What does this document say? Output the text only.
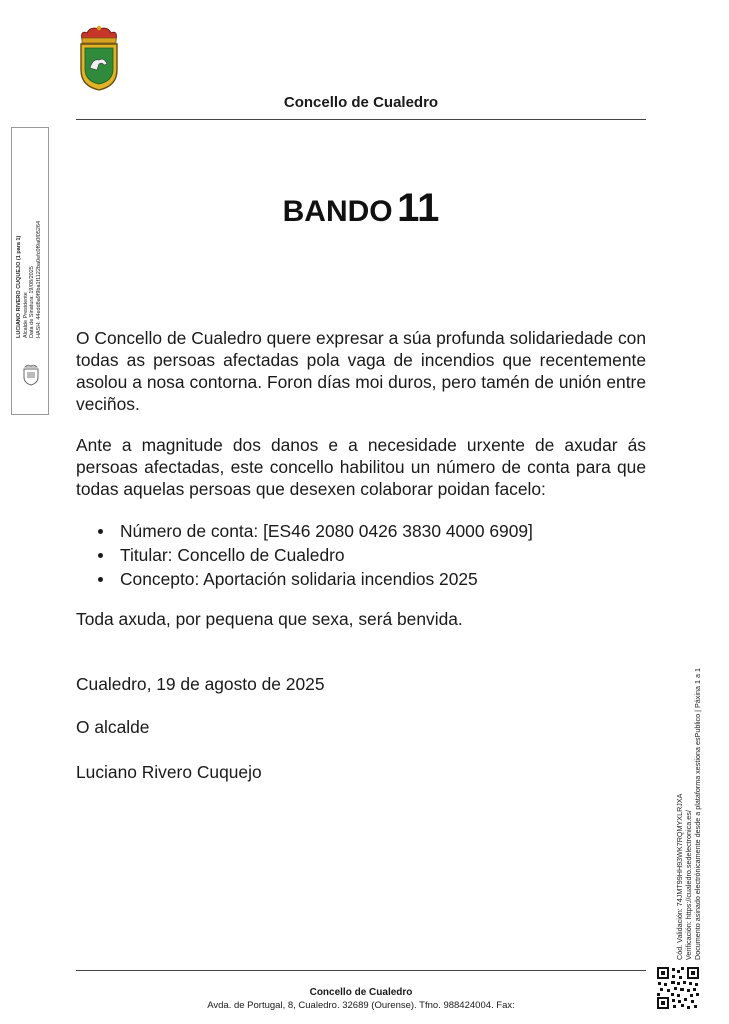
Concello de Cualedro
LUCIANO RIVERO CUQUEJO (1 para 1) Alcalde Presidente Data de Sinatura: 19/08/2025 HASH: 44edd8a9f9ba1f1122ba0efc0f9a0f05264
BANDO 11
O Concello de Cualedro quere expresar a súa profunda solidariedade con todas as persoas afectadas pola vaga de incendios que recentemente asolou a nosa contorna. Foron días moi duros, pero tamén de unión entre veciños.
Ante a magnitude dos danos e a necesidade urxente de axudar ás persoas afectadas, este concello habilitou un número de conta para que todas aquelas persoas que desexen colaborar poidan facelo:
Número de conta: [ES46 2080 0426 3830 4000 6909]
Titular: Concello de Cualedro
Concepto: Aportación solidaria incendios 2025
Toda axuda, por pequena que sexa, será benvida.
Cualedro, 19 de agosto de 2025
O alcalde
Luciano Rivero Cuquejo
Cód. Validación: 74JMT99HH93WK7RQMYXLRJXA Verificación: https://cualedro.sedelectronica.es/ Documento asinado electrónicamente desde a plataforma xestiona esPublico | Páxina 1 a 1
Concello de Cualedro
Avda. de Portugal, 8, Cualedro. 32689 (Ourense). Tfno. 988424004. Fax:
